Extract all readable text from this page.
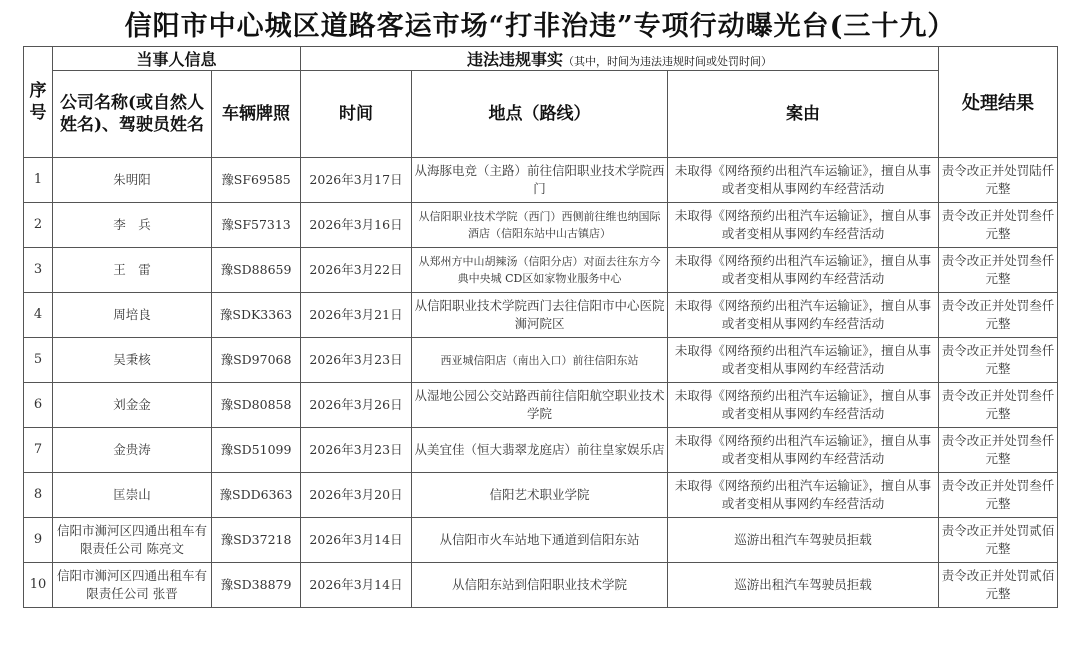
信阳市中心城区道路客运市场“打非治违”专项行动曝光台(三十九）
序号	当事人信息		违法违规事实（其中，时间为违法违规时间或处罚时间）			处理结果
	公司名称(或自然人姓名)、驾驶员姓名	车辆牌照	时间	地点（路线）	案由	
1	朱明阳	豫SF69585	2026年3月17日	从海豚电竞（主路）前往信阳职业技术学院西门	未取得《网络预约出租汽车运输证》，擅自从事或者变相从事网约车经营活动	责令改正并处罚陆仟元整
2	李　兵	豫SF57313	2026年3月16日	从信阳职业技术学院（西门）西侧前往维也纳国际酒店（信阳东站中山古镇店）	未取得《网络预约出租汽车运输证》，擅自从事或者变相从事网约车经营活动	责令改正并处罚叁仟元整
3	王　雷	豫SD88659	2026年3月22日	从郑州方中山胡辣汤（信阳分店）对面去往东方今典中央城 CD区如家物业服务中心	未取得《网络预约出租汽车运输证》，擅自从事或者变相从事网约车经营活动	责令改正并处罚叁仟元整
4	周培良	豫SDK3363	2026年3月21日	从信阳职业技术学院西门去往信阳市中心医院浉河院区	未取得《网络预约出租汽车运输证》，擅自从事或者变相从事网约车经营活动	责令改正并处罚叁仟元整
5	吴秉核	豫SD97068	2026年3月23日	西亚城信阳店（南出入口）前往信阳东站	未取得《网络预约出租汽车运输证》，擅自从事或者变相从事网约车经营活动	责令改正并处罚叁仟元整
6	刘金金	豫SD80858	2026年3月26日	从湿地公园公交站路西前往信阳航空职业技术学院	未取得《网络预约出租汽车运输证》，擅自从事或者变相从事网约车经营活动	责令改正并处罚叁仟元整
7	金贵涛	豫SD51099	2026年3月23日	从美宜佳（恒大翡翠龙庭店）前往皇家娱乐店	未取得《网络预约出租汽车运输证》，擅自从事或者变相从事网约车经营活动	责令改正并处罚叁仟元整
8	匡崇山	豫SDD6363	2026年3月20日	信阳艺术职业学院	未取得《网络预约出租汽车运输证》，擅自从事或者变相从事网约车经营活动	责令改正并处罚叁仟元整
9	信阳市浉河区四通出租车有限责任公司 陈亮文	豫SD37218	2026年3月14日	从信阳市火车站地下通道到信阳东站	巡游出租汽车驾驶员拒载	责令改正并处罚贰佰元整
10	信阳市浉河区四通出租车有限责任公司 张晋	豫SD38879	2026年3月14日	从信阳东站到信阳职业技术学院	巡游出租汽车驾驶员拒载	责令改正并处罚贰佰元整
